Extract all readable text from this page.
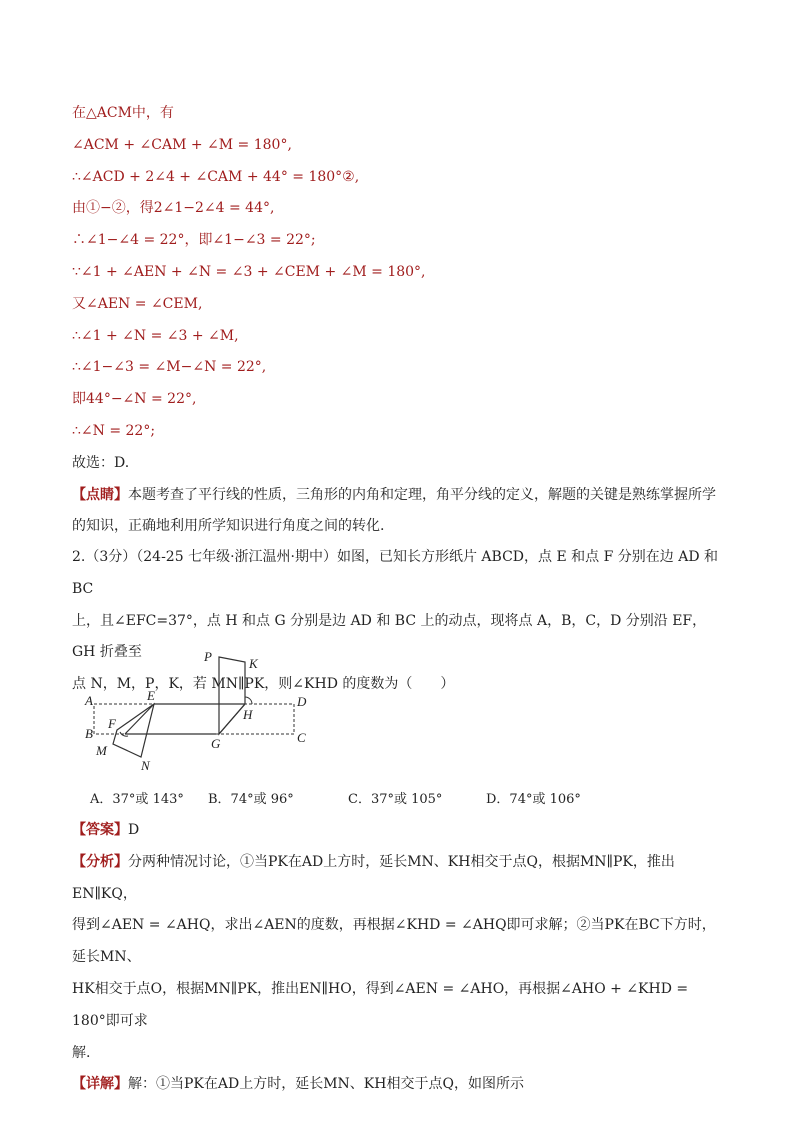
在△ACM中，有
∠ACM + ∠CAM + ∠M = 180°,
∴∠ACD + 2∠4 + ∠CAM + 44° = 180°②,
由①−②，得2∠1−2∠4 = 44°,
∴∠1−∠4 = 22°，即∠1−∠3 = 22°;
∵∠1 + ∠AEN + ∠N = ∠3 + ∠CEM + ∠M = 180°,
又∠AEN = ∠CEM,
∴∠1 + ∠N = ∠3 + ∠M,
∴∠1−∠3 = ∠M−∠N = 22°,
即44°−∠N = 22°,
∴∠N = 22°;
故选：D.
【点睛】本题考查了平行线的性质，三角形的内角和定理，角平分线的定义，解题的关键是熟练掌握所学
的知识，正确地利用所学知识进行角度之间的转化.
2.（3分）（24-25 七年级·浙江温州·期中）如图，已知长方形纸片 ABCD，点 E 和点 F 分别在边 AD 和 BC
上，且∠EFC=37°，点 H 和点 G 分别是边 AD 和 BC 上的动点，现将点 A，B，C，D 分别沿 EF，GH 折叠至
点 N，M，P，K，若 MN∥PK，则∠KHD 的度数为（　　）
A
B	C
D
E
F
G
H
M
N
P	K
A．37°或 143° B．74°或 96°	C．37°或 105°	D．74°或 106°
【答案】D
【分析】分两种情况讨论，①当PK在AD上方时，延长MN、KH相交于点Q，根据MN∥PK，推出EN∥KQ，
得到∠AEN = ∠AHQ，求出∠AEN的度数，再根据∠KHD = ∠AHQ即可求解；②当PK在BC下方时，延长MN、
HK相交于点O，根据MN∥PK，推出EN∥HO，得到∠AEN = ∠AHO，再根据∠AHO + ∠KHD = 180°即可求
解.
【详解】解：①当PK在AD上方时，延长MN、KH相交于点Q，如图所示
